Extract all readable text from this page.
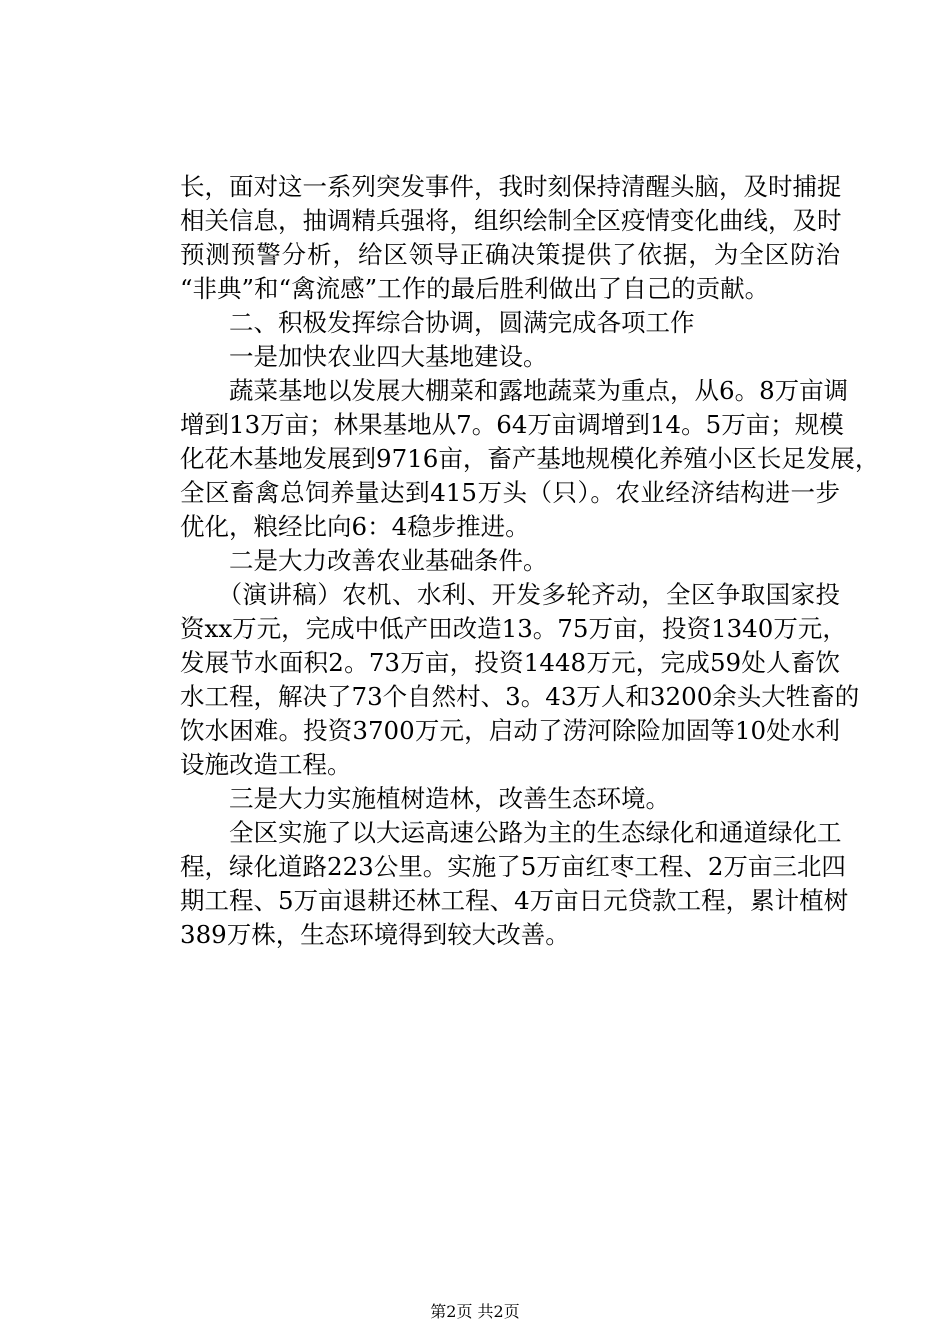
长，面对这一系列突发事件，我时刻保持清醒头脑，及时捕捉
相关信息，抽调精兵强将，组织绘制全区疫情变化曲线，及时
预测预警分析，给区领导正确决策提供了依据，为全区防治
“非典”和“禽流感”工作的最后胜利做出了自己的贡献。
　　二、积极发挥综合协调，圆满完成各项工作
　　一是加快农业四大基地建设。
　　蔬菜基地以发展大棚菜和露地蔬菜为重点，从6。8万亩调
增到13万亩；林果基地从7。64万亩调增到14。5万亩；规模
化花木基地发展到9716亩，畜产基地规模化养殖小区长足发展，
全区畜禽总饲养量达到415万头（只）。农业经济结构进一步
优化，粮经比向6：4稳步推进。
　　二是大力改善农业基础条件。
　　（演讲稿）农机、水利、开发多轮齐动，全区争取国家投
资xx万元，完成中低产田改造13。75万亩，投资1340万元，
发展节水面积2。73万亩，投资1448万元，完成59处人畜饮
水工程，解决了73个自然村、3。43万人和3200余头大牲畜的
饮水困难。投资3700万元，启动了涝河除险加固等10处水利
设施改造工程。
　　三是大力实施植树造林，改善生态环境。
　　全区实施了以大运高速公路为主的生态绿化和通道绿化工
程，绿化道路223公里。实施了5万亩红枣工程、2万亩三北四
期工程、5万亩退耕还林工程、4万亩日元贷款工程，累计植树
389万株，生态环境得到较大改善。
第2页 共2页
